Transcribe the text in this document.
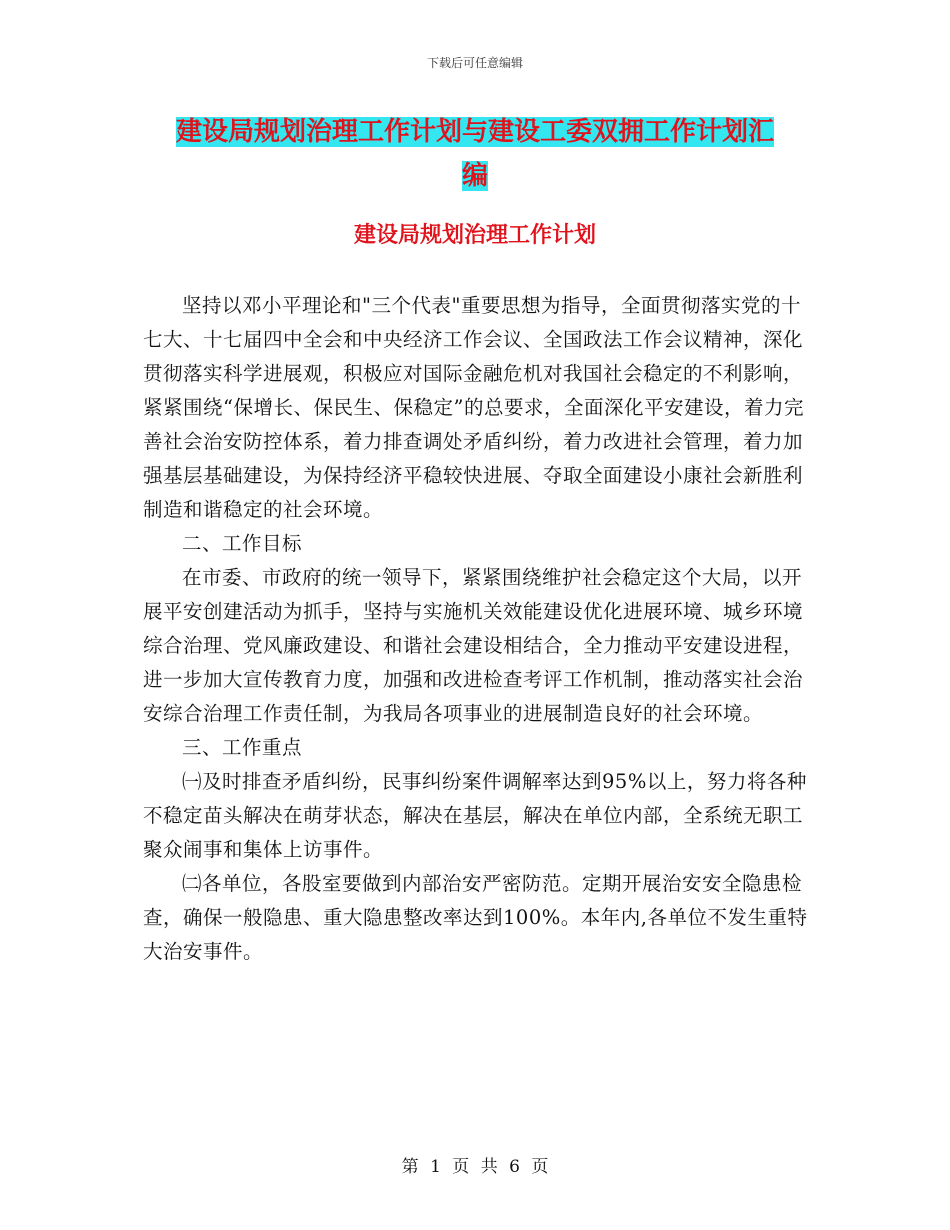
下载后可任意编辑
建设局规划治理工作计划与建设工委双拥工作计划汇
编
建设局规划治理工作计划

坚持以邓小平理论和"三个代表"重要思想为指导，全面贯彻落实党的十七大、十七届四中全会和中央经济工作会议、全国政法工作会议精神，深化贯彻落实科学进展观，积极应对国际金融危机对我国社会稳定的不利影响，紧紧围绕“保增长、保民生、保稳定”的总要求，全面深化平安建设，着力完善社会治安防控体系，着力排查调处矛盾纠纷，着力改进社会管理，着力加强基层基础建设，为保持经济平稳较快进展、夺取全面建设小康社会新胜利制造和谐稳定的社会环境。

二、工作目标

在市委、市政府的统一领导下，紧紧围绕维护社会稳定这个大局，以开展平安创建活动为抓手，坚持与实施机关效能建设优化进展环境、城乡环境综合治理、党风廉政建设、和谐社会建设相结合，全力推动平安建设进程，进一步加大宣传教育力度，加强和改进检查考评工作机制，推动落实社会治安综合治理工作责任制，为我局各项事业的进展制造良好的社会环境。

三、工作重点

㈠及时排查矛盾纠纷，民事纠纷案件调解率达到95%以上，努力将各种不稳定苗头解决在萌芽状态，解决在基层，解决在单位内部，全系统无职工聚众闹事和集体上访事件。

㈡各单位，各股室要做到内部治安严密防范。定期开展治安安全隐患检查，确保一般隐患、重大隐患整改率达到100%。本年内,各单位不发生重特大治安事件。

第 1 页 共 6 页
